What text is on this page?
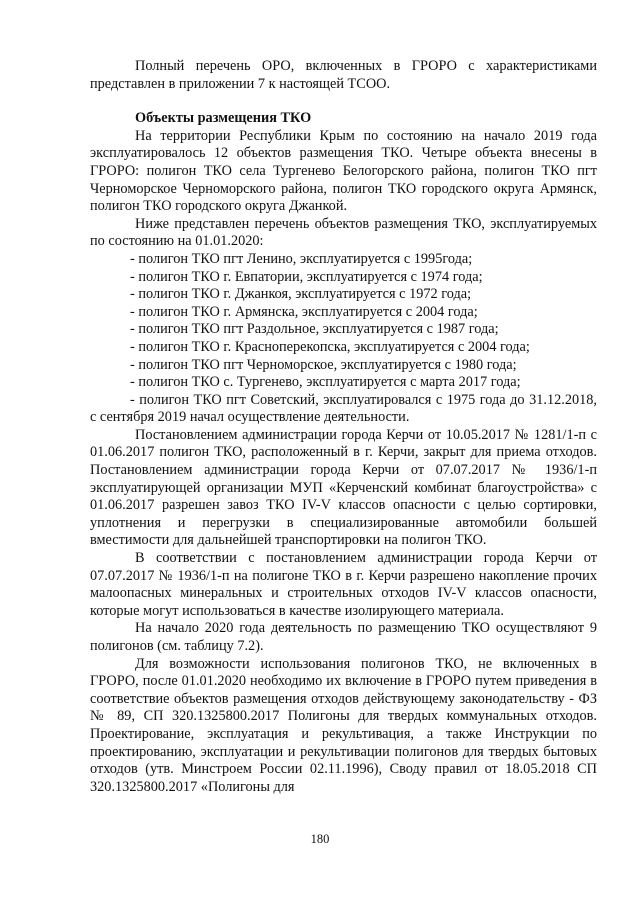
Полный перечень ОРО, включенных в ГРОРО с характеристиками представлен в приложении 7 к настоящей ТСОО.

Объекты размещения ТКО

На территории Республики Крым по состоянию на начало 2019 года эксплуатировалось 12 объектов размещения ТКО. Четыре объекта внесены в ГРОРО: полигон ТКО села Тургенево Белогорского района, полигон ТКО пгт Черноморское Черноморского района, полигон ТКО городского округа Армянск, полигон ТКО городского округа Джанкой.

Ниже представлен перечень объектов размещения ТКО, эксплуатируемых по состоянию на 01.01.2020:

- полигон ТКО пгт Ленино, эксплуатируется с 1995года;

- полигон ТКО г. Евпатории, эксплуатируется с 1974 года;

- полигон ТКО г. Джанкоя, эксплуатируется с 1972 года;

- полигон ТКО г. Армянска, эксплуатируется с 2004 года;

- полигон ТКО пгт Раздольное, эксплуатируется с 1987 года;

- полигон ТКО г. Красноперекопска, эксплуатируется с 2004 года;

- полигон ТКО пгт Черноморское, эксплуатируется с 1980 года;

- полигон ТКО с. Тургенево, эксплуатируется с марта 2017 года;

- полигон ТКО пгт Советский, эксплуатировался с 1975 года до 31.12.2018, с сентября 2019 начал осуществление деятельности.

Постановлением администрации города Керчи от 10.05.2017 № 1281/1-п с 01.06.2017 полигон ТКО, расположенный в г. Керчи, закрыт для приема отходов. Постановлением администрации города Керчи от 07.07.2017 № 1936/1-п эксплуатирующей организации МУП «Керченский комбинат благоустройства» с 01.06.2017 разрешен завоз ТКО IV-V классов опасности с целью сортировки, уплотнения и перегрузки в специализированные автомобили большей вместимости для дальнейшей транспортировки на полигон ТКО.

В соответствии с постановлением администрации города Керчи от 07.07.2017 № 1936/1-п на полигоне ТКО в г. Керчи разрешено накопление прочих малоопасных минеральных и строительных отходов IV-V классов опасности, которые могут использоваться в качестве изолирующего материала.

На начало 2020 года деятельность по размещению ТКО осуществляют 9 полигонов (см. таблицу 7.2).

Для возможности использования полигонов ТКО, не включенных в ГРОРО, после 01.01.2020 необходимо их включение в ГРОРО путем приведения в соответствие объектов размещения отходов действующему законодательству - ФЗ № 89, СП 320.1325800.2017 Полигоны для твердых коммунальных отходов. Проектирование, эксплуатация и рекультивация, а также Инструкции по проектированию, эксплуатации и рекультивации полигонов для твердых бытовых отходов (утв. Минстроем России 02.11.1996), Своду правил от 18.05.2018 СП 320.1325800.2017 «Полигоны для

180
